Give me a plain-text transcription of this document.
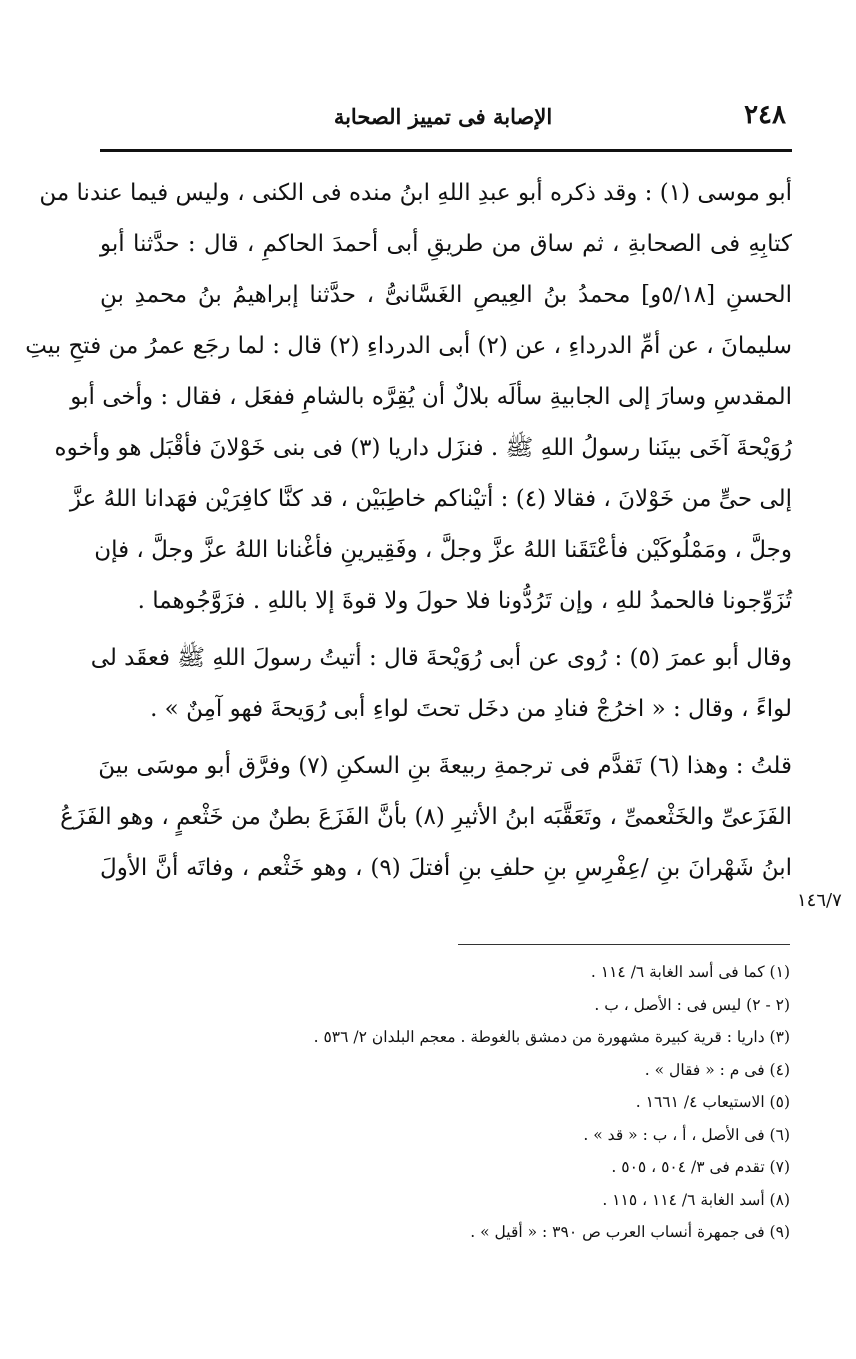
٢٤٨
الإصابة فى تمييز الصحابة
أبو موسى (١) : وقد ذكره أبو عبدِ اللهِ ابنُ منده فى الكنى ، وليس فيما عندنا من
كتابِهِ فى الصحابةِ ، ثم ساق من طريقِ أبى أحمدَ الحاكمِ ، قال : حدَّثنا أبو
الحسنِ [٥/١٨و] محمدُ بنُ العِيصِ الغَسَّانىُّ ، حدَّثنا إبراهيمُ بنُ محمدِ بنِ
سليمانَ ، عن أمِّ الدرداءِ ، عن (٢) أبى الدرداءِ (٢) قال : لما رجَع عمرُ من فتحِ بيتِ
المقدسِ وسارَ إلى الجابيةِ سألَه بلالٌ أن يُقِرَّه بالشامِ ففعَل ، فقال : وأخى أبو
رُوَيْحةَ آخَى بينَنا رسولُ اللهِ ﷺ . فنزَل داريا (٣) فى بنى خَوْلانَ فأقْبَل هو وأخوه
إلى حىٍّ من خَوْلانَ ، فقالا (٤) : أتيْناكم خاطِبَيْن ، قد كنَّا كافِرَيْن فهَدانا اللهُ عزَّ
وجلَّ ، ومَمْلُوكَيْن فأعْتَقَنا اللهُ عزَّ وجلَّ ، وفَقِيرينِ فأغْنانا اللهُ عزَّ وجلَّ ، فإن
تُزَوِّجونا فالحمدُ للهِ ، وإن تَرُدُّونا فلا حولَ ولا قوةَ إلا باللهِ . فزَوَّجُوهما .
وقال أبو عمرَ (٥) : رُوى عن أبى رُوَيْحةَ قال : أتيتُ رسولَ اللهِ ﷺ فعقَد لى
لواءً ، وقال : « اخرُجْ فنادِ من دخَل تحتَ لواءِ أبى رُوَيحةَ فهو آمِنٌ » .
قلتُ : وهذا (٦) تَقدَّم فى ترجمةِ ربيعةَ بنِ السكنِ (٧) وفرَّق أبو موسَى بينَ
الفَزَعىِّ والخَثْعمىِّ ، وتَعَقَّبَه ابنُ الأثيرِ (٨) بأنَّ الفَزَعَ بطنٌ من خَثْعمٍ ، وهو الفَزَعُ
ابنُ شَهْرانَ بنِ /عِفْرِسِ بنِ حلفِ بنِ أفتلَ (٩) ، وهو خَثْعم ، وفاتَه أنَّ الأولَ
١٤٦/٧
(١) كما فى أسد الغابة ٦/ ١١٤ .
(٢ - ٢) ليس فى : الأصل ، ب .
(٣) داريا : قرية كبيرة مشهورة من دمشق بالغوطة . معجم البلدان ٢/ ٥٣٦ .
(٤) فى م : « فقال » .
(٥) الاستيعاب ٤/ ١٦٦١ .
(٦) فى الأصل ، أ ، ب : « قد » .
(٧) تقدم فى ٣/ ٥٠٤ ، ٥٠٥ .
(٨) أسد الغابة ٦/ ١١٤ ، ١١٥ .
(٩) فى جمهرة أنساب العرب ص ٣٩٠ : « أقيل » .
